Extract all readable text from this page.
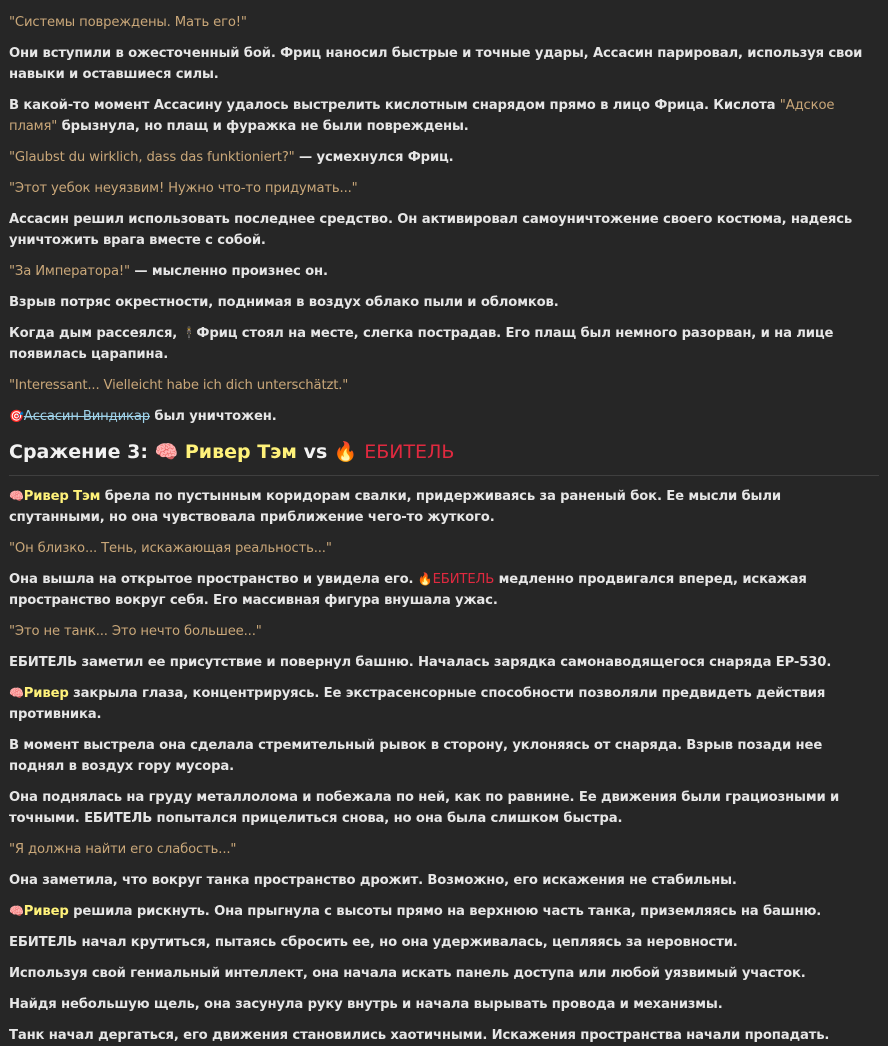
"Системы повреждены. Мать его!"

Они вступили в ожесточенный бой. Фриц наносил быстрые и точные удары, Ассасин парировал, используя свои навыки и оставшиеся силы.

В какой-то момент Ассасину удалось выстрелить кислотным снарядом прямо в лицо Фрица. Кислота "Адское пламя" брызнула, но плащ и фуражка не были повреждены.

"Glaubst du wirklich, dass das funktioniert?" — усмехнулся Фриц.

"Этот уебок неуязвим! Нужно что-то придумать..."

Ассасин решил использовать последнее средство. Он активировал самоуничтожение своего костюма, надеясь уничтожить врага вместе с собой.

"За Императора!" — мысленно произнес он.

Взрыв потряс окрестности, поднимая в воздух облако пыли и обломков.

Когда дым рассеялся, 🕴Фриц стоял на месте, слегка пострадав. Его плащ был немного разорван, и на лице появилась царапина.

"Interessant... Vielleicht habe ich dich unterschätzt."

🎯Ассасин Виндикар был уничтожен.

Сражение 3: 🧠 Ривер Тэм vs 🔥 ЕБИТЕЛЬ

🧠Ривер Тэм брела по пустынным коридорам свалки, придерживаясь за раненый бок. Ее мысли были спутанными, но она чувствовала приближение чего-то жуткого.

"Он близко... Тень, искажающая реальность..."

Она вышла на открытое пространство и увидела его. 🔥ЕБИТЕЛЬ медленно продвигался вперед, искажая пространство вокруг себя. Его массивная фигура внушала ужас.

"Это не танк... Это нечто большее..."

ЕБИТЕЛЬ заметил ее присутствие и повернул башню. Началась зарядка самонаводящегося снаряда EP-530.

🧠Ривер закрыла глаза, концентрируясь. Ее экстрасенсорные способности позволяли предвидеть действия противника.

В момент выстрела она сделала стремительный рывок в сторону, уклоняясь от снаряда. Взрыв позади нее поднял в воздух гору мусора.

Она поднялась на груду металлолома и побежала по ней, как по равнине. Ее движения были грациозными и точными. ЕБИТЕЛЬ попытался прицелиться снова, но она была слишком быстра.

"Я должна найти его слабость..."

Она заметила, что вокруг танка пространство дрожит. Возможно, его искажения не стабильны.

🧠Ривер решила рискнуть. Она прыгнула с высоты прямо на верхнюю часть танка, приземляясь на башню.

ЕБИТЕЛЬ начал крутиться, пытаясь сбросить ее, но она удерживалась, цепляясь за неровности.

Используя свой гениальный интеллект, она начала искать панель доступа или любой уязвимый участок.

Найдя небольшую щель, она засунула руку внутрь и начала вырывать провода и механизмы.

Танк начал дергаться, его движения становились хаотичными. Искажения пространства начали пропадать.
